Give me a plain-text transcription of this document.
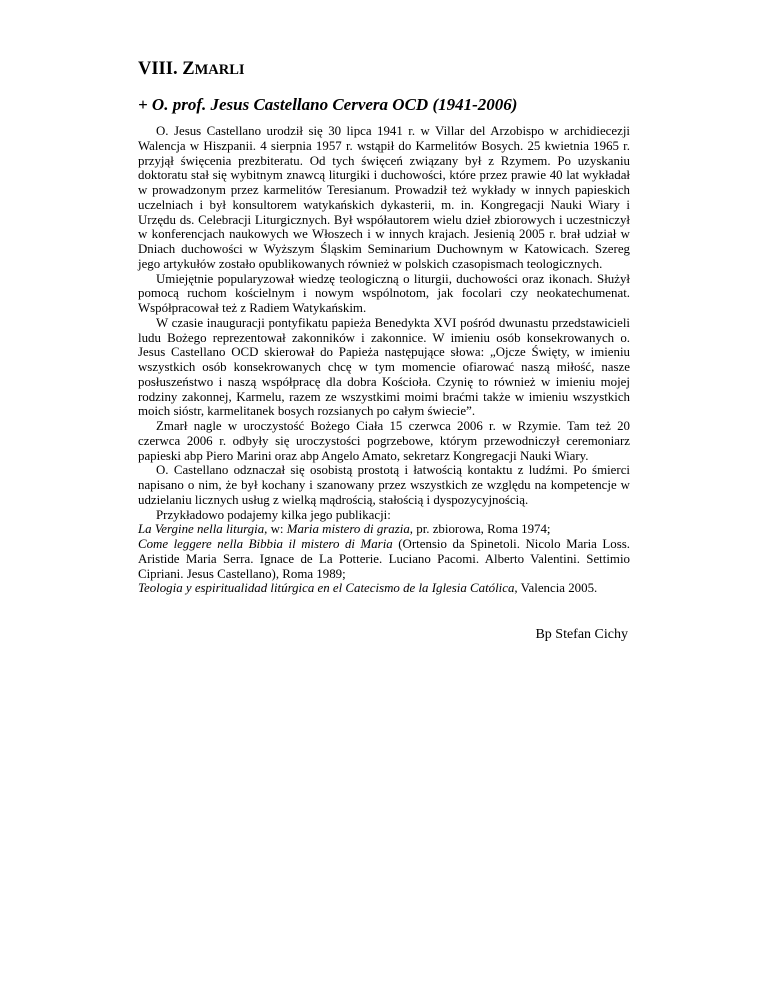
VIII. ZMARLI
+ O. prof. Jesus Castellano Cervera OCD (1941-2006)

O. Jesus Castellano urodził się 30 lipca 1941 r. w Villar del Arzobispo w archidiecezji Walencja w Hiszpanii. 4 sierpnia 1957 r. wstąpił do Karmelitów Bosych. 25 kwietnia 1965 r. przyjął święcenia prezbiteratu. Od tych święceń związany był z Rzymem. Po uzyskaniu doktoratu stał się wybitnym znawcą liturgiki i duchowości, które przez prawie 40 lat wykładał w prowadzonym przez karmelitów Teresianum. Prowadził też wykłady w innych papieskich uczelniach i był konsultorem watykańskich dykasterii, m. in. Kongregacji Nauki Wiary i Urzędu ds. Celebracji Liturgicznych. Był współautorem wielu dzieł zbiorowych i uczestniczył w konferencjach naukowych we Włoszech i w innych krajach. Jesienią 2005 r. brał udział w Dniach duchowości w Wyższym Śląskim Seminarium Duchownym w Katowicach. Szereg jego artykułów zostało opublikowanych również w polskich czasopismach teologicznych.

Umiejętnie popularyzował wiedzę teologiczną o liturgii, duchowości oraz ikonach. Służył pomocą ruchom kościelnym i nowym wspólnotom, jak focolari czy neokatechumenat. Współpracował też z Radiem Watykańskim.

W czasie inauguracji pontyfikatu papieża Benedykta XVI pośród dwunastu przedstawicieli ludu Bożego reprezentował zakonników i zakonnice. W imieniu osób konsekrowanych o. Jesus Castellano OCD skierował do Papieża następujące słowa: „Ojcze Święty, w imieniu wszystkich osób konsekrowanych chcę w tym momencie ofiarować naszą miłość, nasze posłuszeństwo i naszą współpracę dla dobra Kościoła. Czynię to również w imieniu mojej rodziny zakonnej, Karmelu, razem ze wszystkimi moimi braćmi także w imieniu wszystkich moich sióstr, karmelitanek bosych rozsianych po całym świecie”.

Zmarł nagle w uroczystość Bożego Ciała 15 czerwca 2006 r. w Rzymie. Tam też 20 czerwca 2006 r. odbyły się uroczystości pogrzebowe, którym przewodniczył ceremoniarz papieski abp Piero Marini oraz abp Angelo Amato, sekretarz Kongregacji Nauki Wiary.

O. Castellano odznaczał się osobistą prostotą i łatwością kontaktu z ludźmi. Po śmierci napisano o nim, że był kochany i szanowany przez wszystkich ze względu na kompetencje w udzielaniu licznych usług z wielką mądrością, stałością i dyspozycyjnością.

Przykładowo podajemy kilka jego publikacji:

La Vergine nella liturgia, w: Maria mistero di grazia, pr. zbiorowa, Roma 1974;

Come leggere nella Bibbia il mistero di Maria (Ortensio da Spinetoli. Nicolo Maria Loss. Aristide Maria Serra. Ignace de La Potterie. Luciano Pacomi. Alberto Valentini. Settimio Cipriani. Jesus Castellano), Roma 1989;

Teologia y espiritualidad litúrgica en el Catecismo de la Iglesia Católica, Valencia 2005.

Bp Stefan Cichy
